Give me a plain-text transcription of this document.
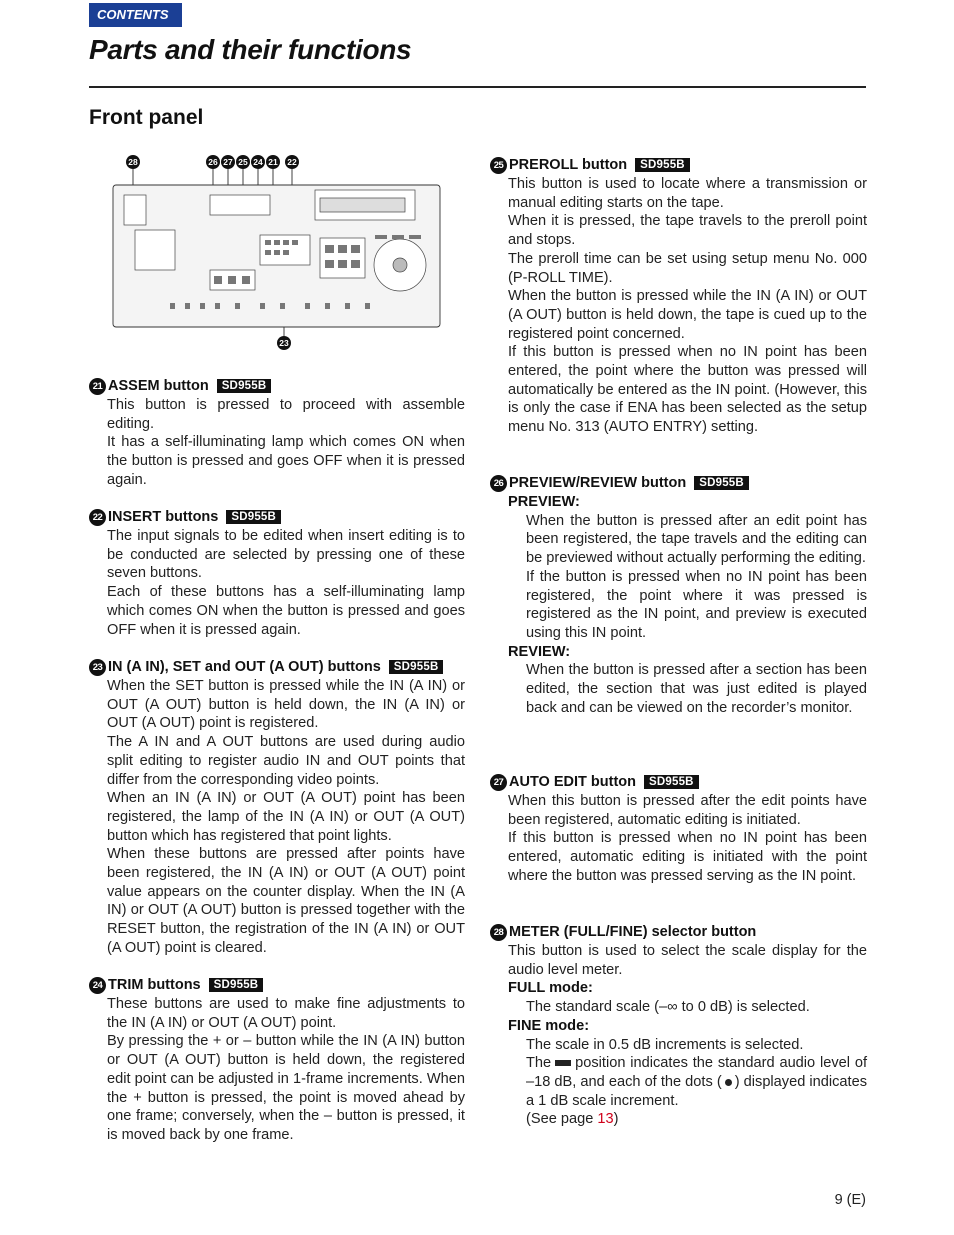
CONTENTS
Parts and their functions
Front panel
28	26 27 25 24 21 22
23
21 ASSEM button	SD955B

This button is pressed to proceed with assemble editing.

It has a self-illuminating lamp which comes ON when the button is pressed and goes OFF when it is pressed again.

22 INSERT buttons	SD955B

The input signals to be edited when insert editing is to be conducted are selected by pressing one of these seven buttons.

Each of these buttons has a self-illuminating lamp which comes ON when the button is pressed and goes OFF when it is pressed again.

23 IN (A IN), SET and OUT (A OUT) buttons	SD955B

When the SET button is pressed while the IN (A IN) or OUT (A OUT) button is held down, the IN (A IN) or OUT (A OUT) point is registered.

The A IN and A OUT buttons are used during audio split editing to register audio IN and OUT points that differ from the corresponding video points.

When an IN (A IN) or OUT (A OUT) point has been registered, the lamp of the IN (A IN) or OUT (A OUT) button which has registered that point lights.

When these buttons are pressed after points have been registered, the IN (A IN) or OUT (A OUT) point value appears on the counter display. When the IN (A IN) or OUT (A OUT) button is pressed together with the RESET button, the registration of the IN (A IN) or OUT (A OUT) point is cleared.

24 TRIM buttons	SD955B

These buttons are used to make fine adjustments to the IN (A IN) or OUT (A OUT) point.

By pressing the + or – button while the IN (A IN) button or OUT (A OUT) button is held down, the registered edit point can be adjusted in 1-frame increments. When the + button is pressed, the point is moved ahead by one frame; conversely, when the – button is pressed, it is moved back by one frame.

25 PREROLL button	SD955B

This button is used to locate where a transmission or manual editing starts on the tape.

When it is pressed, the tape travels to the preroll point and stops.

The preroll time can be set using setup menu No. 000 (P-ROLL TIME).

When the button is pressed while the IN (A IN) or OUT (A OUT) button is held down, the tape is cued up to the registered point concerned.

If this button is pressed when no IN point has been entered, the point where the button was pressed will automatically be entered as the IN point. (However, this is only the case if ENA has been selected as the setup menu No. 313 (AUTO ENTRY) setting.

26 PREVIEW/REVIEW button	SD955B

PREVIEW:

When the button is pressed after an edit point has been registered, the tape travels and the editing can be previewed without actually performing the editing.

If the button is pressed when no IN point has been registered, the point where it was pressed is registered as the IN point, and preview is executed using this IN point.

REVIEW:

When the button is pressed after a section has been edited, the section that was just edited is played back and can be viewed on the recorder’s monitor.

27 AUTO EDIT button	SD955B

When this button is pressed after the edit points have been registered, automatic editing is initiated.

If this button is pressed when no IN point has been entered, automatic editing is initiated with the point where the button was pressed serving as the IN point.

28 METER (FULL/FINE) selector button

This button is used to select the scale display for the audio level meter.

FULL mode:

The standard scale (–∞ to 0 dB) is selected.

FINE mode:

The scale in 0.5 dB increments is selected.

The position indicates the standard audio level of –18 dB, and each of the dots ( ) displayed indicates a 1 dB scale increment.

(See page 13)

9 (E)
